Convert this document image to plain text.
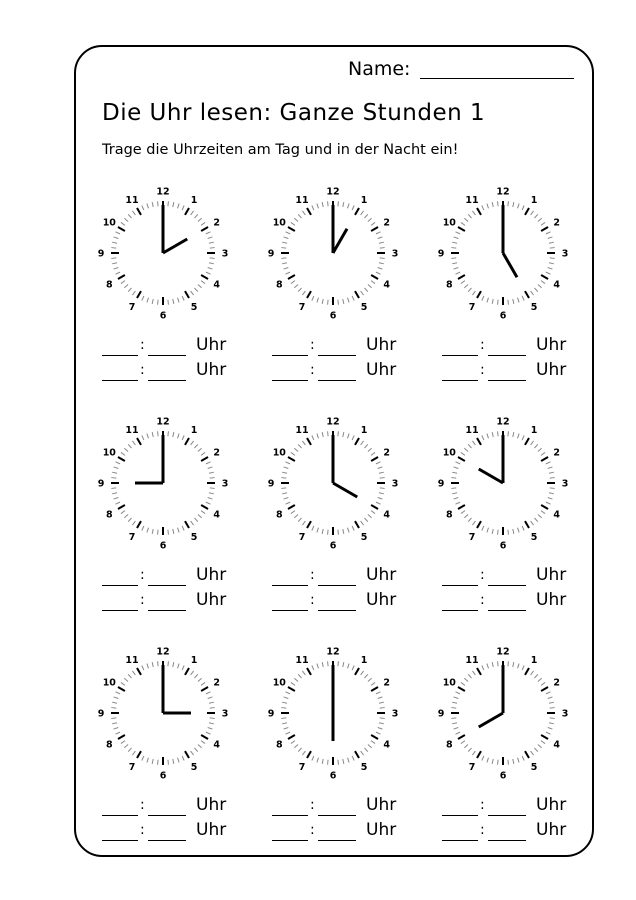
Name:
Die Uhr lesen: Ganze Stunden 1
Trage die Uhrzeiten am Tag und in der Nacht ein!
12
1
2
3
4
5
6
7
8
9
10
11
:	Uhr
:	Uhr
12
1
2
3
4
5
6
7
8
9
10
11
:	Uhr
:	Uhr
12
1
2
3
4
5
6
7
8
9
10
11
:	Uhr
:	Uhr
12
1
2
3
4
5
6
7
8
9
10
11
:	Uhr
:	Uhr
12
1
2
3
4
5
6
7
8
9
10
11
:	Uhr
:	Uhr
12
1
2
3
4
5
6
7
8
9
10
11
:	Uhr
:	Uhr
12
1
2
3
4
5
6
7
8
9
10
11
:	Uhr
:	Uhr
12
1
2
3
4
5
6
7
8
9
10
11
:	Uhr
:	Uhr
12
1
2
3
4
5
6
7
8
9
10
11
:	Uhr
:	Uhr
